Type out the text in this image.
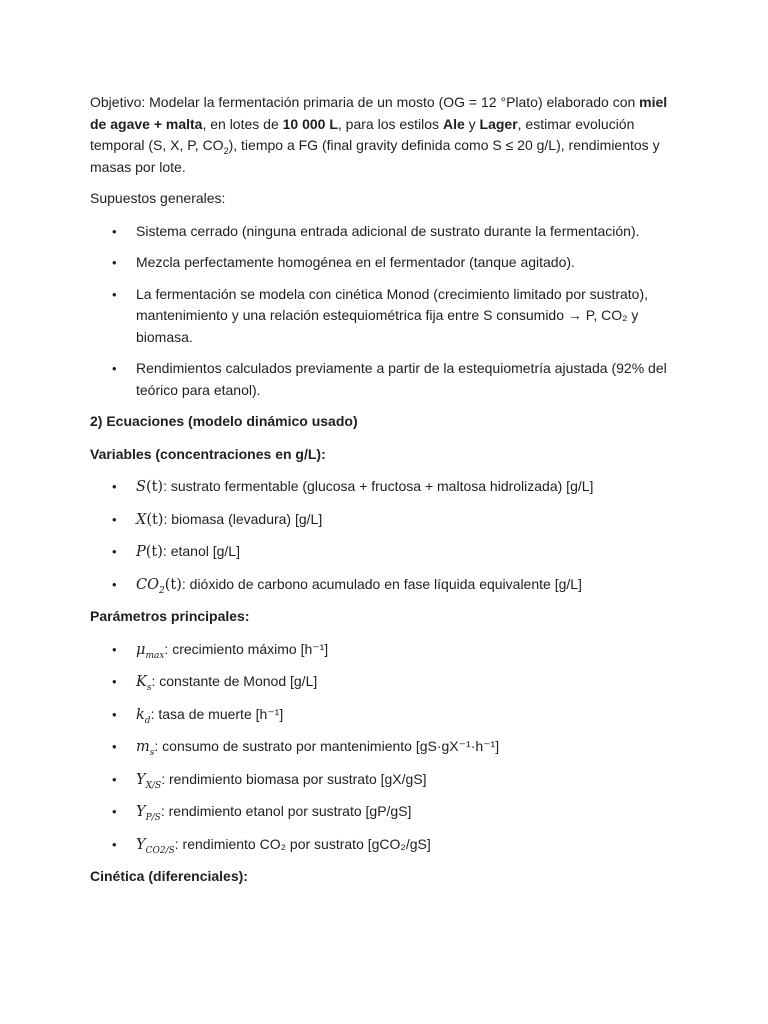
Objetivo: Modelar la fermentación primaria de un mosto (OG = 12 °Plato) elaborado con miel de agave + malta, en lotes de 10 000 L, para los estilos Ale y Lager, estimar evolución temporal (S, X, P, $CO_2$), tiempo a FG (final gravity definida como S ≤ 20 g/L), rendimientos y masas por lote.

Supuestos generales:

• Sistema cerrado (ninguna entrada adicional de sustrato durante la fermentación).
• Mezcla perfectamente homogénea en el fermentador (tanque agitado).
• La fermentación se modela con cinética Monod (crecimiento limitado por sustrato), mantenimiento y una relación estequiométrica fija entre S consumido → P, CO₂ y biomasa.
• Rendimientos calculados previamente a partir de la estequiometría ajustada (92% del teórico para etanol).
2) Ecuaciones (modelo dinámico usado)
Variables (concentraciones en g/L):
• S(t): sustrato fermentable (glucosa + fructosa + maltosa hidrolizada) [g/L]
• X(t): biomasa (levadura) [g/L]
• P(t): etanol [g/L]
• $CO_2(t)$: dióxido de carbono acumulado en fase líquida equivalente [g/L]
Parámetros principales:
• $\mu_{max}$: crecimiento máximo [h⁻¹]
• $K_s$: constante de Monod [g/L]
• $k_d$: tasa de muerte [h⁻¹]
• $m_s$: consumo de sustrato por mantenimiento [gS·gX⁻¹·h⁻¹]
• $Y_{X/S}$: rendimiento biomasa por sustrato [gX/gS]
• $Y_{P/S}$: rendimiento etanol por sustrato [gP/gS]
• $Y_{CO2/S}$: rendimiento CO₂ por sustrato [gCO₂/gS]
Cinética (diferenciales):
